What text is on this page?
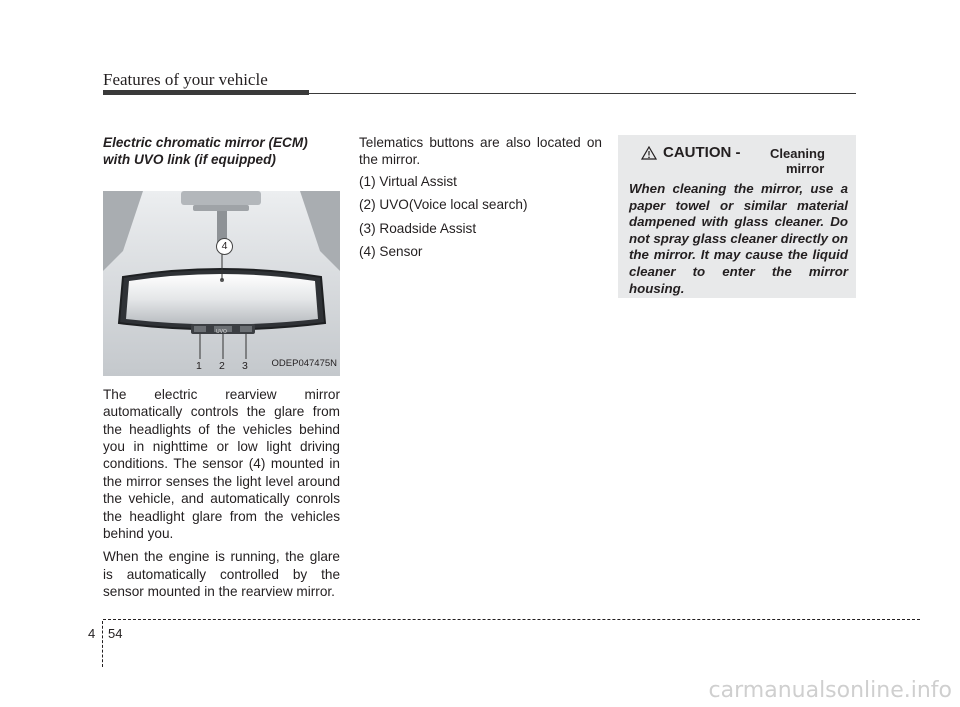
Features of your vehicle

Electric chromatic mirror (ECM)
with UVO link (if equipped)

4
1 2 3
UVO
ODEP047475N

The electric rearview mirror automatically controls the glare from the headlights of the vehicles behind you in nighttime or low light driving conditions. The sensor (4) mounted in the mirror senses the light level around the vehicle, and automatically conrols the headlight glare from the vehicles behind you.

When the engine is running, the glare is automatically controlled by the sensor mounted in the rearview mirror.

Telematics buttons are also located on the mirror.

(1) Virtual Assist

(2) UVO(Voice local search)

(3) Roadside Assist

(4) Sensor

CAUTION - Cleaning
mirror

When cleaning the mirror, use a paper towel or similar material dampened with glass cleaner. Do not spray glass cleaner directly on the mirror. It may cause the liquid cleaner to enter the mirror housing.

4 54
carmanualsonline.info
